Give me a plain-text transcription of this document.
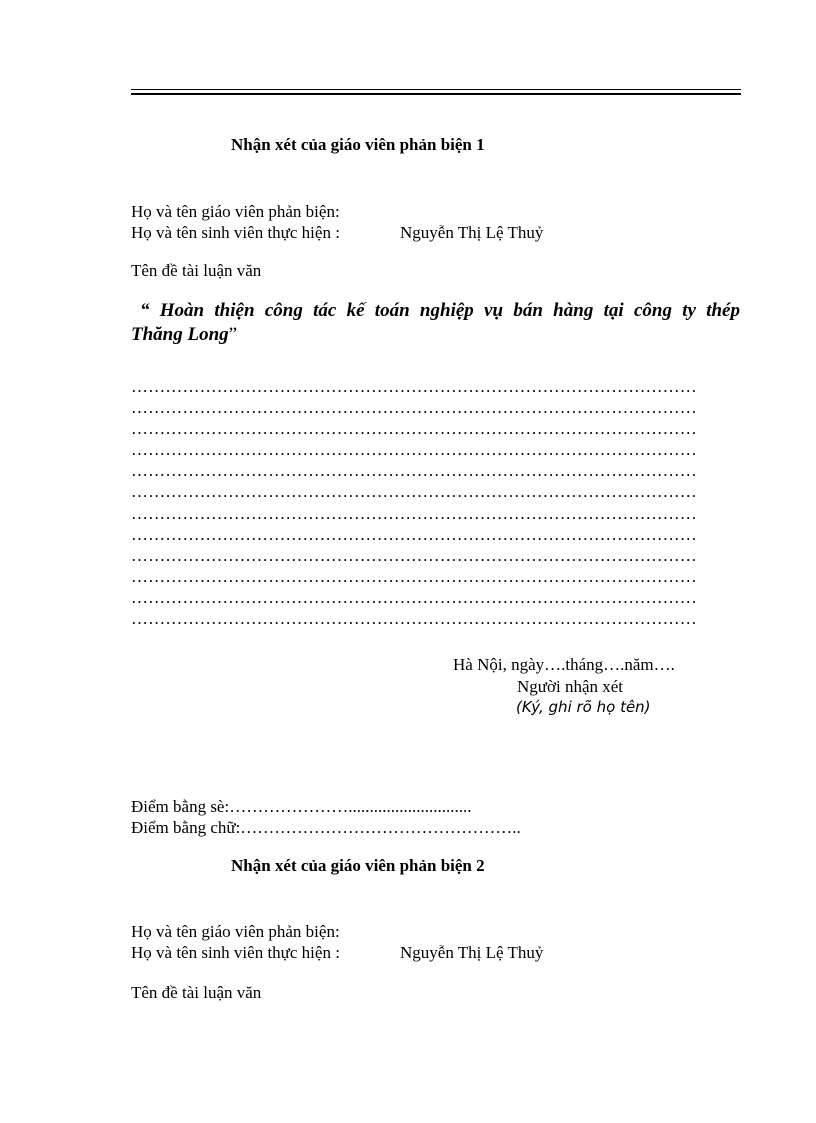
Nhận xét của giáo viên phản biện 1
Họ và tên giáo viên phản biện:
Họ và tên sinh viên thực hiện :	Nguyễn Thị Lệ Thuỷ
Tên đề tài luận văn
“ Hoàn thiện công tác kế toán nghiệp vụ bán hàng tại công ty thép
Thăng Long”
………………………………………………………………………………………
………………………………………………………………………………………
………………………………………………………………………………………
………………………………………………………………………………………
………………………………………………………………………………………
………………………………………………………………………………………
………………………………………………………………………………………
………………………………………………………………………………………
………………………………………………………………………………………
………………………………………………………………………………………
………………………………………………………………………………………
………………………………………………………………………………………
Hà Nội, ngày….tháng….năm….
Người nhận xét
(Ký, ghi rõ họ tên)
Điểm bằng sè:………………….............................
Điểm bằng chữ:…………………………………………..
Nhận xét của giáo viên phản biện 2
Họ và tên giáo viên phản biện:
Họ và tên sinh viên thực hiện :	Nguyễn Thị Lệ Thuỷ
Tên đề tài luận văn
